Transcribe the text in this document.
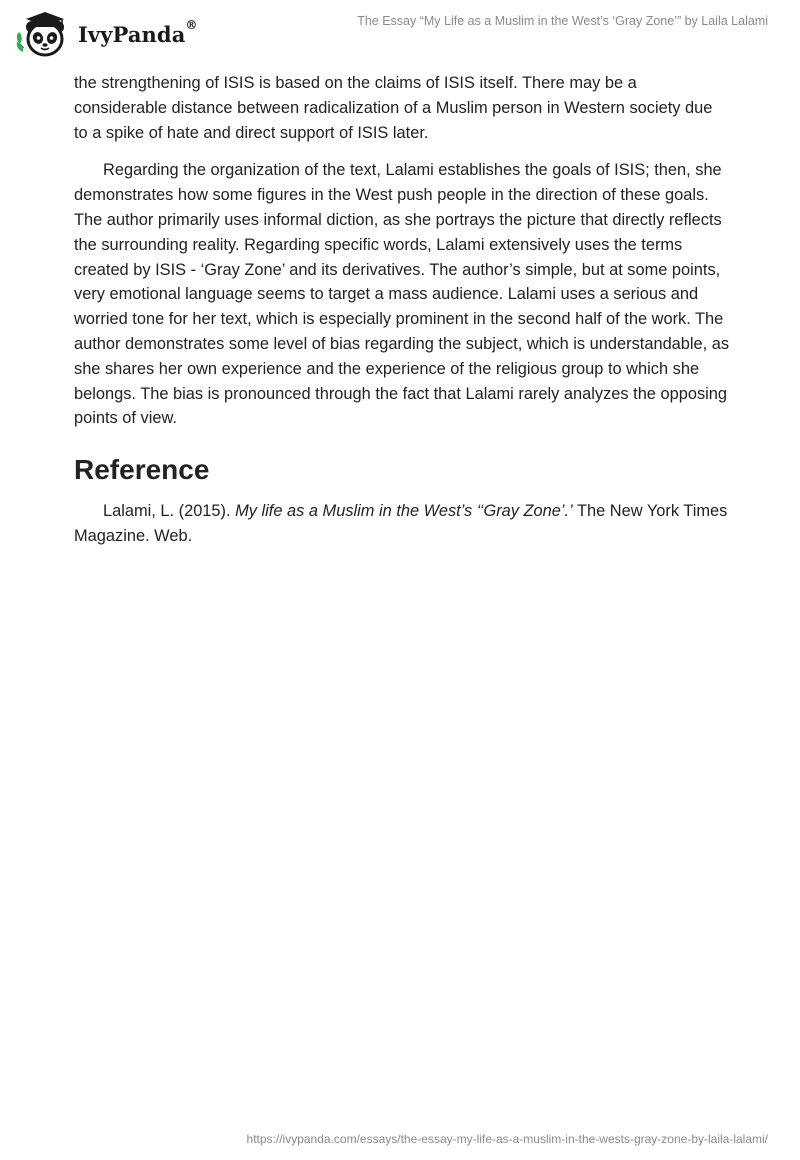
IvyPanda®	The Essay “My Life as a Muslim in the West’s ‘Gray Zone’” by Laila Lalami

the strengthening of ISIS is based on the claims of ISIS itself. There may be a considerable distance between radicalization of a Muslim person in Western society due to a spike of hate and direct support of ISIS later.

Regarding the organization of the text, Lalami establishes the goals of ISIS; then, she demonstrates how some figures in the West push people in the direction of these goals. The author primarily uses informal diction, as she portrays the picture that directly reflects the surrounding reality. Regarding specific words, Lalami extensively uses the terms created by ISIS - ‘Gray Zone’ and its derivatives. The author’s simple, but at some points, very emotional language seems to target a mass audience. Lalami uses a serious and worried tone for her text, which is especially prominent in the second half of the work. The author demonstrates some level of bias regarding the subject, which is understandable, as she shares her own experience and the experience of the religious group to which she belongs. The bias is pronounced through the fact that Lalami rarely analyzes the opposing points of view.

Reference

Lalami, L. (2015). My life as a Muslim in the West’s ‘‘Gray Zone’.’ The New York Times Magazine. Web.

https://ivypanda.com/essays/the-essay-my-life-as-a-muslim-in-the-wests-gray-zone-by-laila-lalami/
